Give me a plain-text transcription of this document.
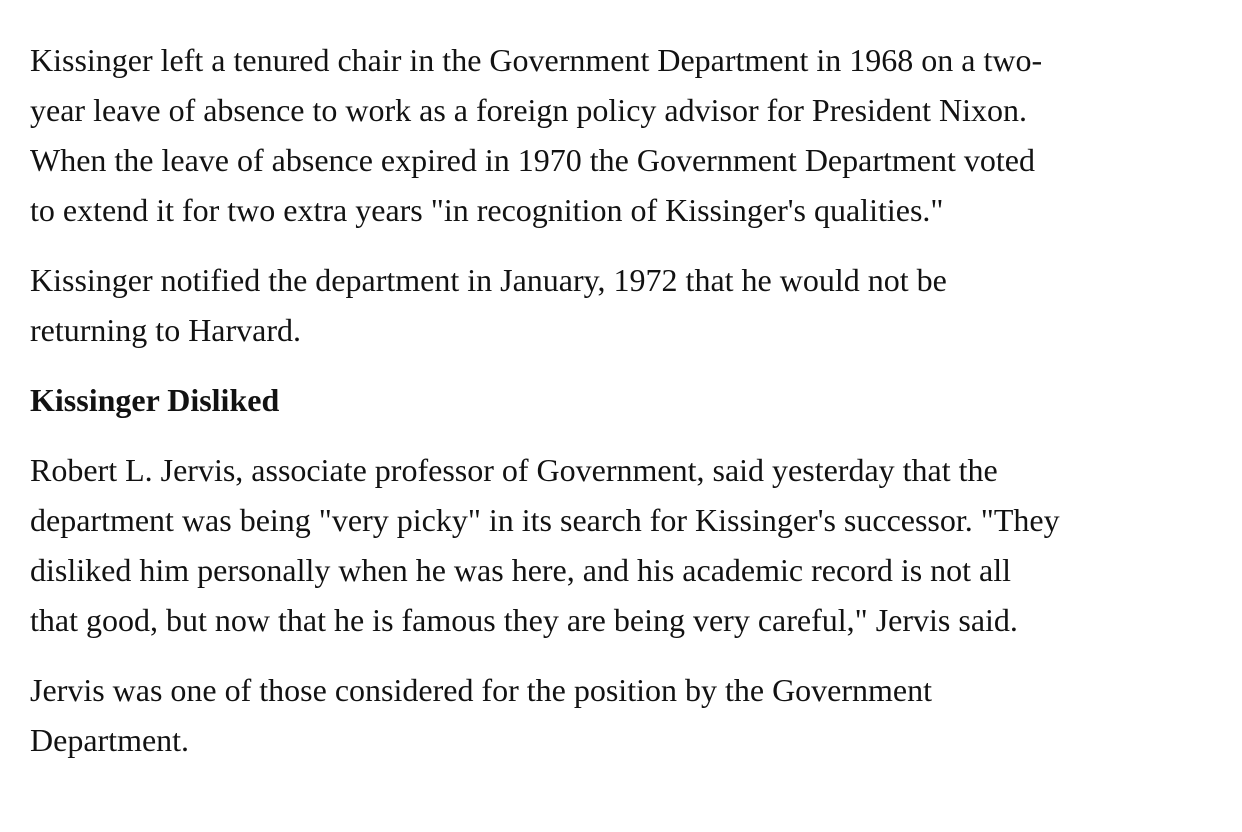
Kissinger left a tenured chair in the Government Department in 1968 on a two-
year leave of absence to work as a foreign policy advisor for President Nixon.
When the leave of absence expired in 1970 the Government Department voted
to extend it for two extra years "in recognition of Kissinger's qualities."

Kissinger notified the department in January, 1972 that he would not be
returning to Harvard.

Kissinger Disliked

Robert L. Jervis, associate professor of Government, said yesterday that the
department was being "very picky" in its search for Kissinger's successor. "They
disliked him personally when he was here, and his academic record is not all
that good, but now that he is famous they are being very careful," Jervis said.

Jervis was one of those considered for the position by the Government
Department.
